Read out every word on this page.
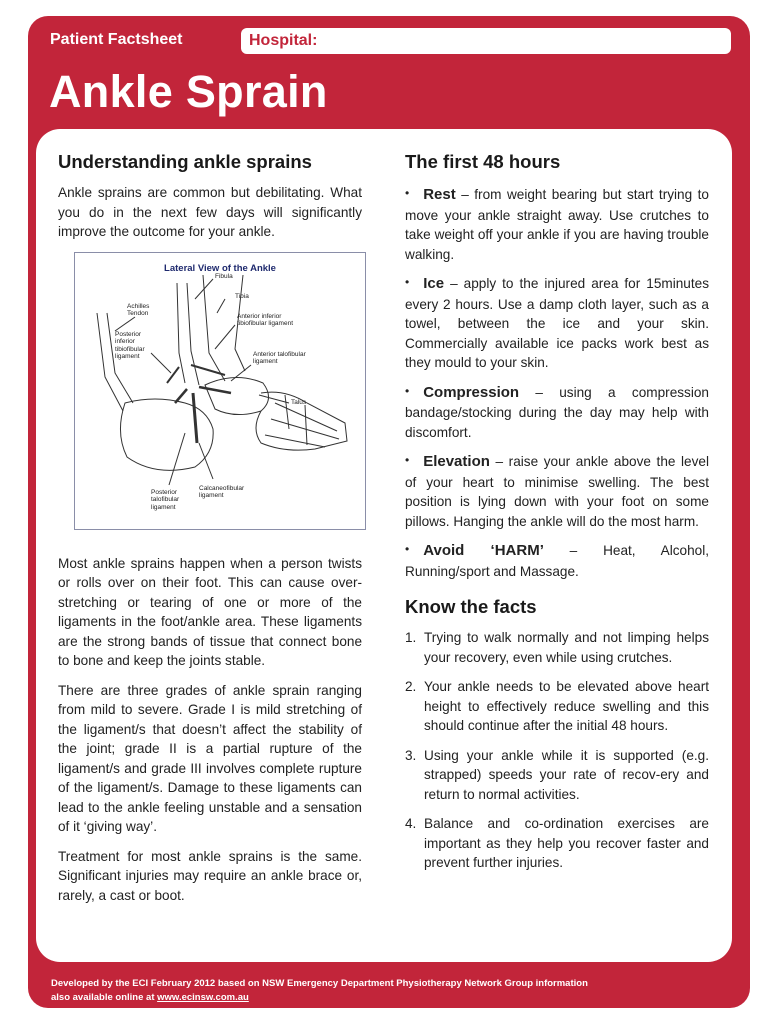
Patient Factsheet	Hospital:
Ankle Sprain
Understanding ankle sprains

Ankle sprains are common but debilitating. What you do in the next few days will significantly improve the outcome for your ankle.

Lateral View of the Ankle
Fibula
Tibia
Achilles Tendon	Anterior inferior tibiofibular ligament
Posterior inferior tibiofibular ligament	Anterior talofibular ligament
Talus
Posterior talofibular ligament
Calcaneofibular ligament

Most ankle sprains happen when a person twists or rolls over on their foot. This can cause over-stretching or tearing of one or more of the ligaments in the foot/ankle area. These ligaments are the strong bands of tissue that connect bone to bone and keep the joints stable.

There are three grades of ankle sprain ranging from mild to severe. Grade I is mild stretching of the ligament/s that doesn’t affect the stability of the joint; grade II is a partial rupture of the ligament/s and grade III involves complete rupture of the ligament/s. Damage to these ligaments can lead to the ankle feeling unstable and a sensation of it ‘giving way’.

Treatment for most ankle sprains is the same. Significant injuries may require an ankle brace or, rarely, a cast or boot.

The first 48 hours
• Rest – from weight bearing but start trying to move your ankle straight away. Use crutches to take weight off your ankle if you are having trouble walking.
• Ice – apply to the injured area for 15minutes every 2 hours. Use a damp cloth layer, such as a towel, between the ice and your skin. Commercially available ice packs work best as they mould to your skin.
• Compression – using a compression bandage/stocking during the day may help with discomfort.
• Elevation – raise your ankle above the level of your heart to minimise swelling. The best position is lying down with your foot on some pillows. Hanging the ankle will do the most harm.
• Avoid ‘HARM’ – Heat, Alcohol, Running/sport and Massage.
Know the facts
1. Trying to walk normally and not limping helps your recovery, even while using crutches.
2. Your ankle needs to be elevated above heart height to effectively reduce swelling and this should continue after the initial 48 hours.
3. Using your ankle while it is supported (e.g. strapped) speeds your rate of recov-ery and return to normal activities.
4. Balance and co-ordination exercises are important as they help you recover faster and prevent further injuries.
Developed by the ECI February 2012 based on NSW Emergency Department Physiotherapy Network Group information
also available online at www.ecinsw.com.au
